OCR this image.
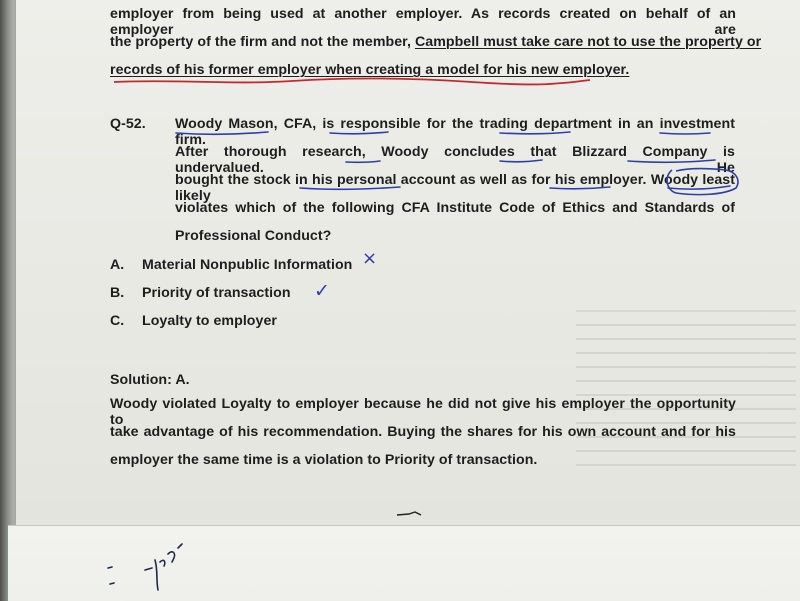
employer from being used at another employer. As records created on behalf of an employer are
the property of the firm and not the member, Campbell must take care not to use the property or
records of his former employer when creating a model for his new employer.
Q-52. Woody Mason, CFA, is responsible for the trading department in an investment firm.
After thorough research, Woody concludes that Blizzard Company is undervalued. He
bought the stock in his personal account as well as for his employer. Woody least likely
violates which of the following CFA Institute Code of Ethics and Standards of
Professional Conduct?
A. Material Nonpublic Information ×
B. Priority of transaction ✓
C. Loyalty to employer
Solution: A.
Woody violated Loyalty to employer because he did not give his employer the opportunity to
take advantage of his recommendation. Buying the shares for his own account and for his
employer the same time is a violation to Priority of transaction.
